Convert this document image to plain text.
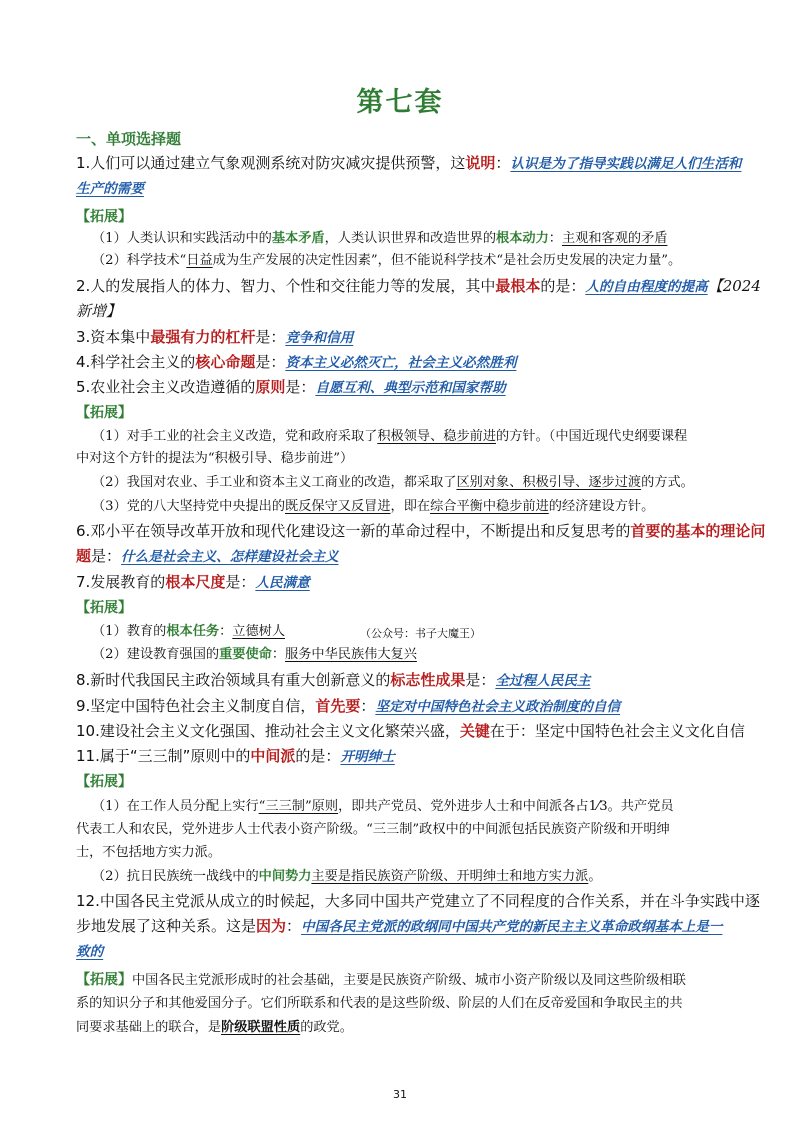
第七套
一、单项选择题
1.人们可以通过建立气象观测系统对防灾减灾提供预警，这说明：认识是为了指导实践以满足人们生活和
生产的需要
【拓展】
（1）人类认识和实践活动中的基本矛盾，人类认识世界和改造世界的根本动力：主观和客观的矛盾
（2）科学技术“日益成为生产发展的决定性因素”，但不能说科学技术“是社会历史发展的决定力量”。
2.人的发展指人的体力、智力、个性和交往能力等的发展，其中最根本的是：人的自由程度的提高【2024
新增】
3.资本集中最强有力的杠杆是：竞争和信用
4.科学社会主义的核心命题是：资本主义必然灭亡，社会主义必然胜利
5.农业社会主义改造遵循的原则是：自愿互利、典型示范和国家帮助
【拓展】
（1）对手工业的社会主义改造，党和政府采取了积极领导、稳步前进的方针。（中国近现代史纲要课程
中对这个方针的提法为“积极引导、稳步前进”）
（2）我国对农业、手工业和资本主义工商业的改造，都采取了区别对象、积极引导、逐步过渡的方式。
（3）党的八大坚持党中央提出的既反保守又反冒进，即在综合平衡中稳步前进的经济建设方针。
6.邓小平在领导改革开放和现代化建设这一新的革命过程中，不断提出和反复思考的首要的基本的理论问
题是：什么是社会主义、怎样建设社会主义
7.发展教育的根本尺度是：人民满意
【拓展】
（1）教育的根本任务：立德树人	（公众号：书子大魔王）
（2）建设教育强国的重要使命：服务中华民族伟大复兴
8.新时代我国民主政治领域具有重大创新意义的标志性成果是：全过程人民民主
9.坚定中国特色社会主义制度自信，首先要：坚定对中国特色社会主义政治制度的自信
10.建设社会主义文化强国、推动社会主义文化繁荣兴盛，关键在于：坚定中国特色社会主义文化自信
11.属于“三三制”原则中的中间派的是：开明绅士
【拓展】
（1）在工作人员分配上实行“三三制”原则，即共产党员、党外进步人士和中间派各占1⁄3。共产党员
代表工人和农民，党外进步人士代表小资产阶级。“三三制”政权中的中间派包括民族资产阶级和开明绅
士，不包括地方实力派。
（2）抗日民族统一战线中的中间势力主要是指民族资产阶级、开明绅士和地方实力派。
12.中国各民主党派从成立的时候起，大多同中国共产党建立了不同程度的合作关系，并在斗争实践中逐
步地发展了这种关系。这是因为：中国各民主党派的政纲同中国共产党的新民主主义革命政纲基本上是一
致的
【拓展】中国各民主党派形成时的社会基础，主要是民族资产阶级、城市小资产阶级以及同这些阶级相联
系的知识分子和其他爱国分子。它们所联系和代表的是这些阶级、阶层的人们在反帝爱国和争取民主的共
同要求基础上的联合，是阶级联盟性质的政党。
31
